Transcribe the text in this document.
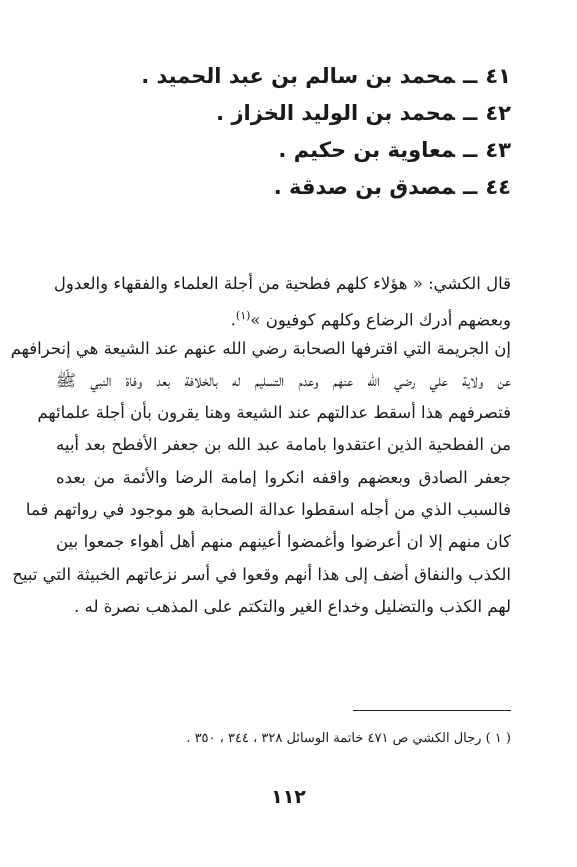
٤١ــمحمد بن سالم بن عبد الحميد .
٤٢ــمحمد بن الوليد الخزاز .
٤٣ــمعاوية بن حكيم .
٤٤ــمصدق بن صدقة .
قال الكشي: « هؤلاء كلهم فطحية من أجلة العلماء والفقهاء والعدول
وبعضهم أدرك الرضاع وكلهم كوفيون »$^{(١)}$.
إن الجريمة التي اقترفها الصحابة رضي الله عنهم عند الشيعة هي إنحرافهم
عن ولاية علي رضي الله عنهم وعدم التسليم له بالخلافة بعد وفاة النبي ﷺ
فتصرفهم هذا أسقط عدالتهم عند الشيعة وهنا يقرون بأن أجلة علمائهم
من الفطحية الذين اعتقدوا بامامة عبد الله بن جعفر الأفطح بعد أبيه
جعفر الصادق وبعضهم واقفه انكروا إمامة الرضا والأئمة من بعده
فالسبب الذي من أجله اسقطوا عدالة الصحابة هو موجود في رواتهم فما
كان منهم إلا ان أعرضوا وأغمضوا أعينهم منهم أهل أهواء جمعوا بين
الكذب والنفاق أضف إلى هذا أنهم وقعوا في أسر نزعاتهم الخبيثة التي تبيح
لهم الكذب والتضليل وخداع الغير والتكتم على المذهب نصرة له .
( ١ ) رجال الكشي ص ٤٧١ خاتمة الوسائل ٣٢٨ ، ٣٤٤ ، ٣٥٠ .
١١٢
